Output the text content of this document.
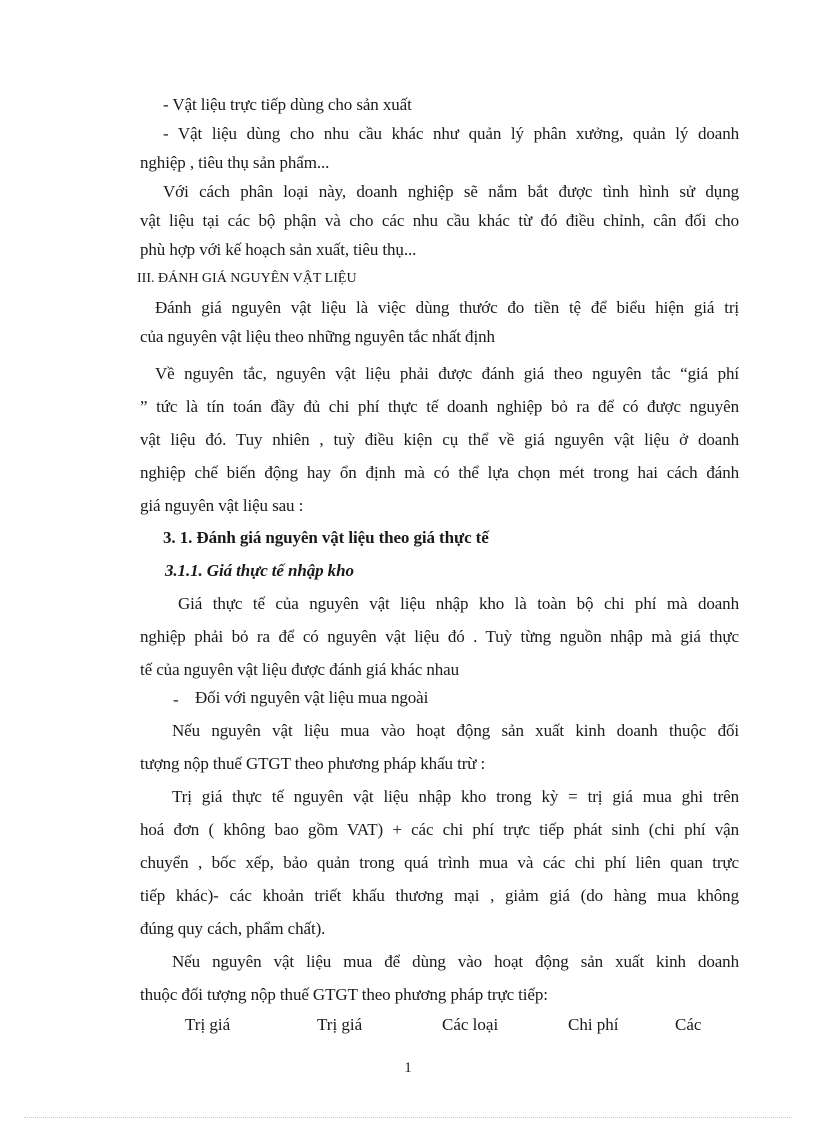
- Vật liệu trực tiếp dùng cho sản xuất

- Vật liệu dùng cho nhu cầu khác như quản lý phân xưởng, quản lý doanh

nghiệp , tiêu thụ sản phẩm...

Với cách phân loại này, doanh nghiệp sẽ nắm bắt được tình hình sử dụng

vật liệu tại các bộ phận và cho các nhu cầu khác từ đó điều chỉnh, cân đối cho

phù hợp với kế hoạch sản xuất, tiêu thụ...

III. ĐÁNH GIÁ NGUYÊN VẬT LIỆU

Đánh giá nguyên vật liệu là việc dùng thước đo tiền tệ để biểu hiện giá trị

của nguyên vật liệu theo những nguyên tắc nhất định

Về nguyên tắc, nguyên vật liệu phải được đánh giá theo nguyên tắc “giá phí

” tức là tín toán đầy đủ chi phí thực tế doanh nghiệp bỏ ra để có được nguyên

vật liệu đó. Tuy nhiên , tuỳ điều kiện cụ thể về giá nguyên vật liệu ở doanh

nghiệp chế biến động hay ổn định mà có thể lựa chọn mét trong hai cách đánh

giá nguyên vật liệu sau :

3. 1. Đánh giá nguyên vật liệu theo giá thực tế

3.1.1. Giá thực tế nhập kho

Giá thực tế của nguyên vật liệu nhập kho là toàn bộ chi phí mà doanh

nghiệp phải bỏ ra để có nguyên vật liệu đó . Tuỳ từng nguồn nhập mà giá thực

tế của nguyên vật liệu được đánh giá khác nhau

- Đối với nguyên vật liệu mua ngoài

Nếu nguyên vật liệu mua vào hoạt động sản xuất kinh doanh thuộc đối

tượng nộp thuế GTGT theo phương pháp khấu trừ :

Trị giá thực tế nguyên vật liệu nhập kho trong kỳ = trị giá mua ghi trên

hoá đơn ( không bao gồm VAT) + các chi phí trực tiếp phát sinh (chi phí vận

chuyển , bốc xếp, bảo quản trong quá trình mua và các chi phí liên quan trực

tiếp khác)- các khoản triết khấu thương mại , giảm giá (do hàng mua không

đúng quy cách, phẩm chất).

Nếu nguyên vật liệu mua để dùng vào hoạt động sản xuất kinh doanh

thuộc đối tượng nộp thuế GTGT theo phương pháp trực tiếp:

Trị giá	Trị giá	Các loại	Chi phí	Các
1
